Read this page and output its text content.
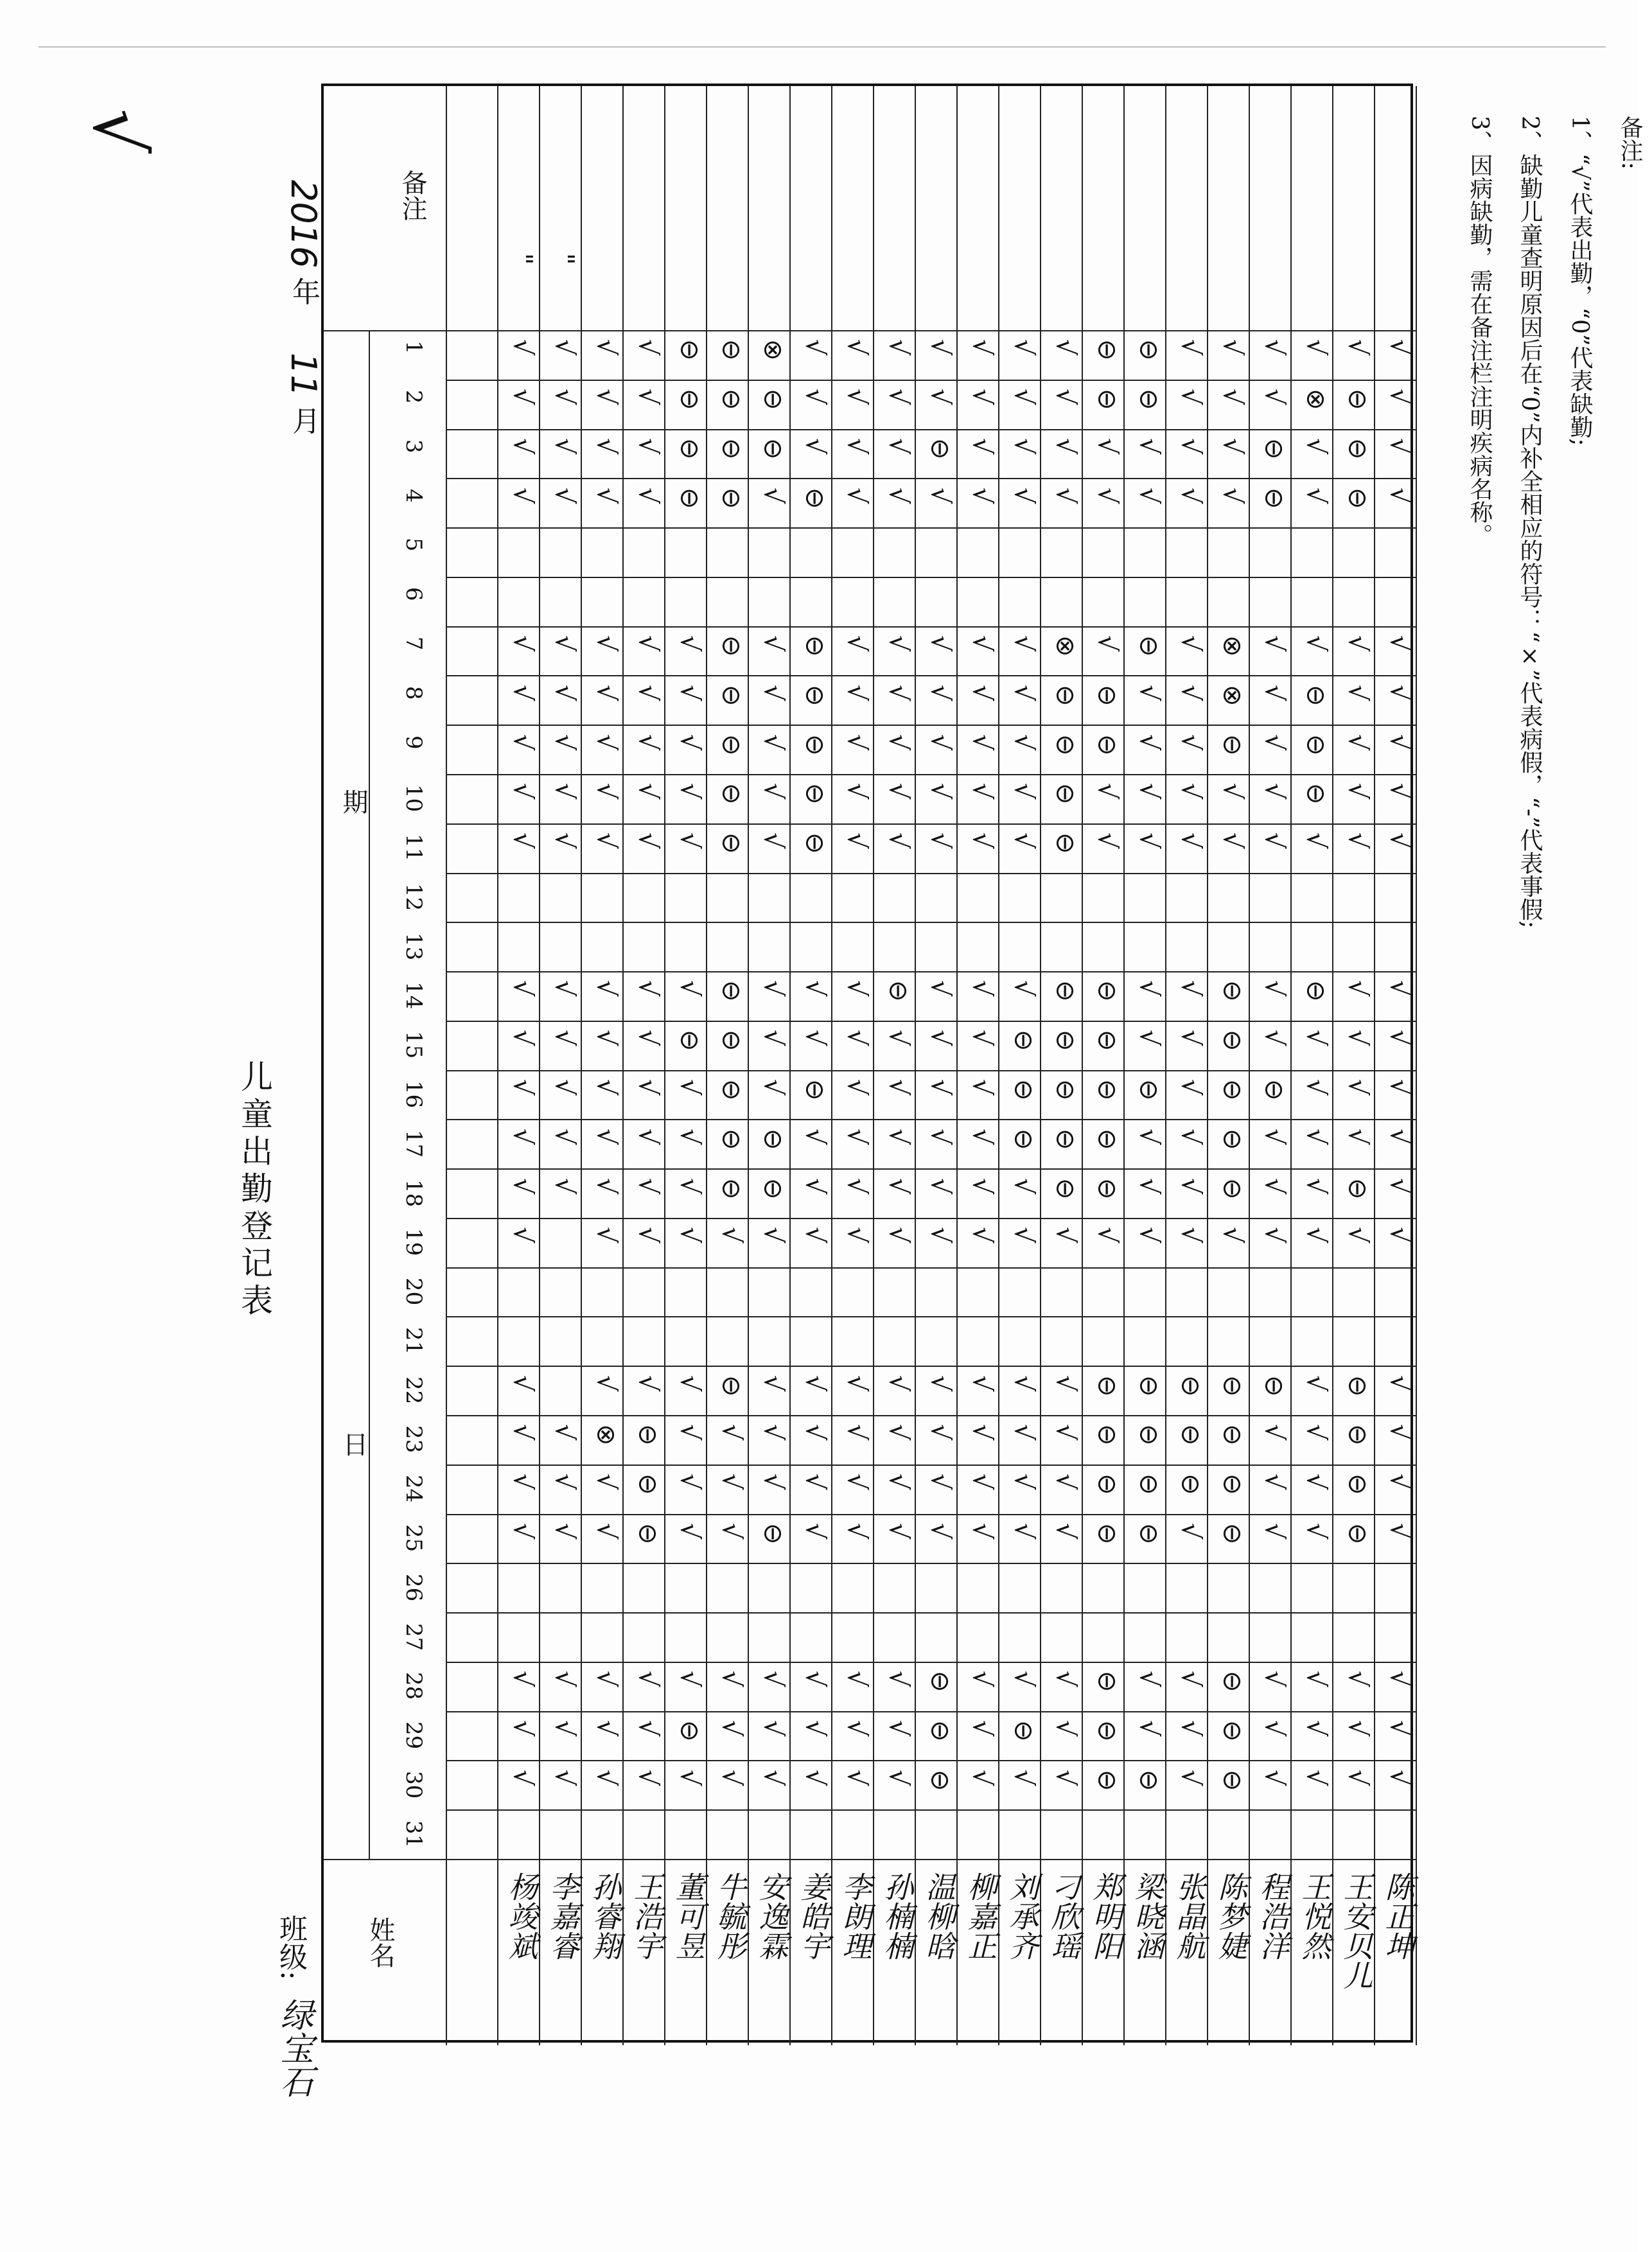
√
儿童出勤登记表
2016 年 11 月
班级:
绿宝石
备注
期
日
姓名
1
2
3
4
5
6
7
8
9
10
11
12
13
14
15
16
17
18
19
20
21
22
23
24
25
26
27
28
29
30
31
杨竣斌
√
√
√
√
√
√
√
√
√
√
√
√
√
√
√
√
√
√
√
√
√
√
李嘉睿
√
√
√
√
√
√
√
√
√
√
√
√
√
√
√
√
√
√
√
√
孙睿翔
√
√
√
√
√
√
√
√
√
√
√
√
√
√
√
√
⊗
√
√
√
√
√
王浩宇
√
√
√
√
√
√
√
√
√
√
√
√
√
√
√
√
⊖
⊖
⊖
√
√
√
董可昱
⊖
⊖
⊖
⊖
√
√
√
√
√
√
⊖
√
√
√
√
√
√
√
√
√
⊖
√
牛毓彤
⊖
⊖
⊖
⊖
⊖
⊖
⊖
⊖
⊖
⊖
⊖
⊖
⊖
⊖
√
⊖
√
√
√
√
√
√
安逸霖
⊗
⊖
⊖
√
√
√
√
√
√
√
√
√
⊖
⊖
√
√
√
√
⊖
√
√
√
姜皓宇
√
√
√
⊖
⊖
⊖
⊖
⊖
⊖
√
√
⊖
√
√
√
√
√
√
√
√
√
√
李朗理
√
√
√
√
√
√
√
√
√
√
√
√
√
√
√
√
√
√
√
√
√
√
孙楠楠
√
√
√
√
√
√
√
√
√
⊖
√
√
√
√
√
√
√
√
√
√
√
√
温柳晗
√
√
⊖
√
√
√
√
√
√
√
√
√
√
√
√
√
√
√
√
⊖
⊖
⊖
柳嘉正
√
√
√
√
√
√
√
√
√
√
√
√
√
√
√
√
√
√
√
√
√
√
刘承齐
√
√
√
√
√
√
√
√
√
√
⊖
⊖
⊖
√
√
√
√
√
√
√
⊖
√
刁欣瑶
√
√
√
√
⊗
⊖
⊖
⊖
⊖
⊖
⊖
⊖
⊖
⊖
√
√
√
√
√
√
√
√
郑明阳
⊖
⊖
√
√
√
⊖
⊖
√
√
⊖
⊖
⊖
⊖
⊖
√
⊖
⊖
⊖
⊖
⊖
⊖
⊖
梁晓涵
⊖
⊖
√
√
⊖
√
√
√
√
√
√
⊖
√
√
√
⊖
⊖
⊖
⊖
√
√
⊖
张晶航
√
√
√
√
√
√
√
√
√
√
√
√
√
√
√
⊖
⊖
⊖
√
√
√
√
陈梦婕
√
√
√
√
⊗
⊗
⊖
√
√
⊖
⊖
⊖
⊖
⊖
√
⊖
⊖
⊖
⊖
⊖
⊖
⊖
程浩洋
√
√
⊖
⊖
√
√
√
√
√
√
√
⊖
√
√
√
⊖
√
√
√
√
√
√
王悦然
√
⊗
√
√
√
⊖
⊖
⊖
√
⊖
√
√
√
√
√
√
√
√
√
√
√
√
王安贝儿
√
⊖
⊖
⊖
√
√
√
√
√
√
√
√
√
⊖
√
⊖
⊖
⊖
⊖
√
√
√
陈正坤
√
√
√
√
√
√
√
√
√
√
√
√
√
√
√
√
√
√
√
√
√
√
" "
备注:
1、“√”代表出勤，“0”代表缺勤;
2、缺勤儿童查明原因后在“0”内补全相应的符号：“×”代表病假，“-”代表事假;
3、因病缺勤，需在备注栏注明疾病名称。
